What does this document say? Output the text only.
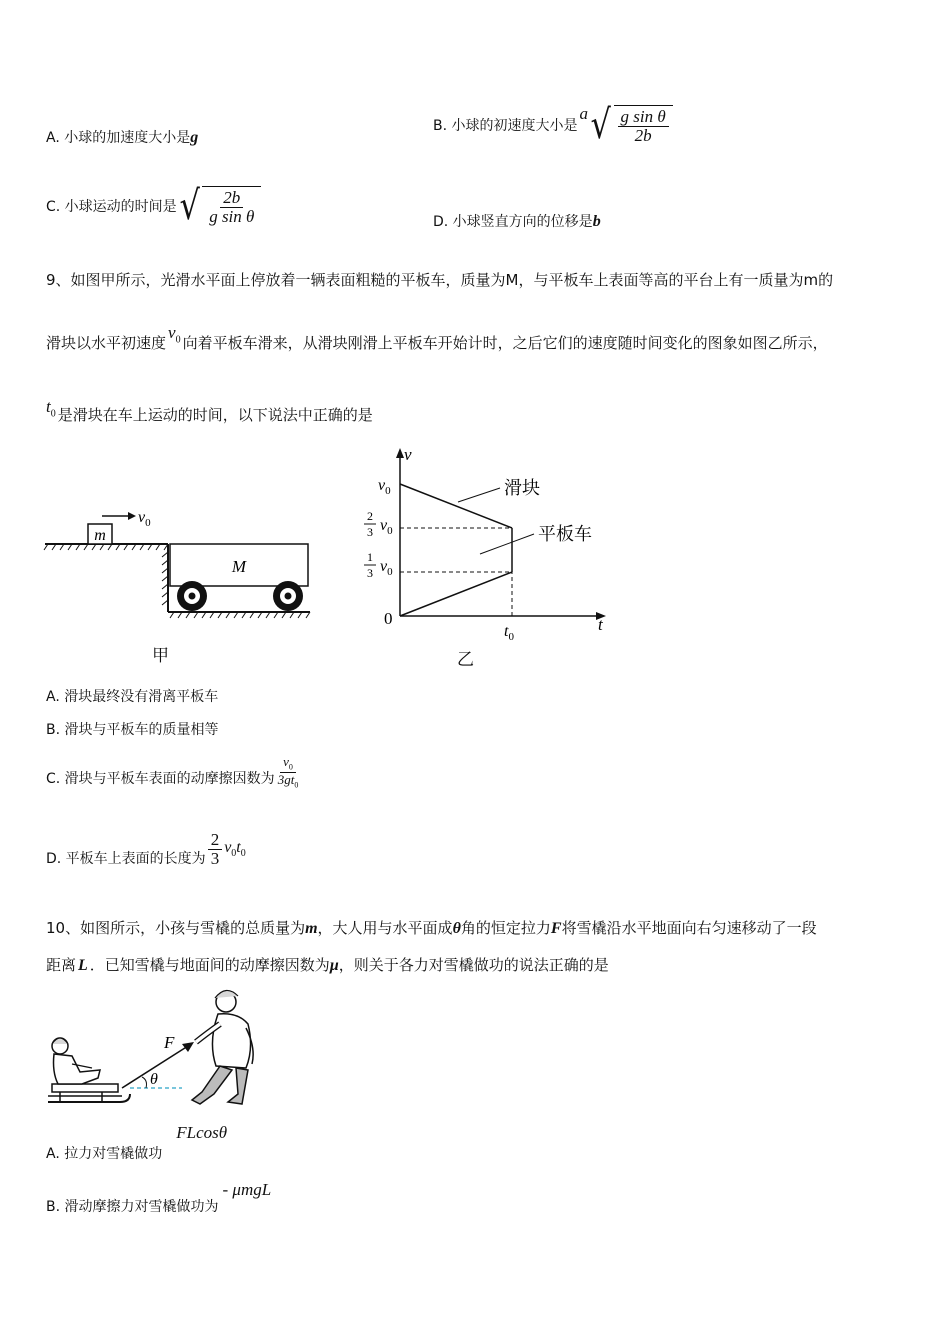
A. 小球的加速度大小是g
B. 小球的初速度大小是
a √ $\frac{\text{g sin θ}}{2b}$
C. 小球运动的时间是 √ $\frac{2b}{\text{g sin θ}}$	D. 小球竖直方向的位移是b
9、如图甲所示，光滑水平面上停放着一辆表面粗糙的平板车，质量为M，与平板车上表面等高的平台上有一质量为m的
滑块以水平初速度$v_0$ 向着平板车滑来，从滑块刚滑上平板车开始计时，之后它们的速度随时间变化的图象如图乙所示，
$t_0$ 是滑块在车上运动的时间，以下说法中正确的是
m
$v_0$
M
甲
v
t
0
$v_0$
2
3 $v_0$
1
3 $v_0$
$t_0$
滑块
平板车
乙
A. 滑块最终没有滑离平板车
B. 滑块与平板车的质量相等
C. 滑块与平板车表面的动摩擦因数为 $\frac{v_0}{3gt_0}$
D. 平板车上表面的长度为 $\frac{2}{3} v_0t_0$
10、如图所示，小孩与雪橇的总质量为m，大人用与水平面成θ角的恒定拉力F将雪橇沿水平地面向右匀速移动了一段
距离 L ．已知雪橇与地面间的动摩擦因数为μ，则关于各力对雪橇做功的说法正确的是
F
θ
A. 拉力对雪橇做功
FLcosθ
B. 滑动摩擦力对雪橇做功为
- μmgL
